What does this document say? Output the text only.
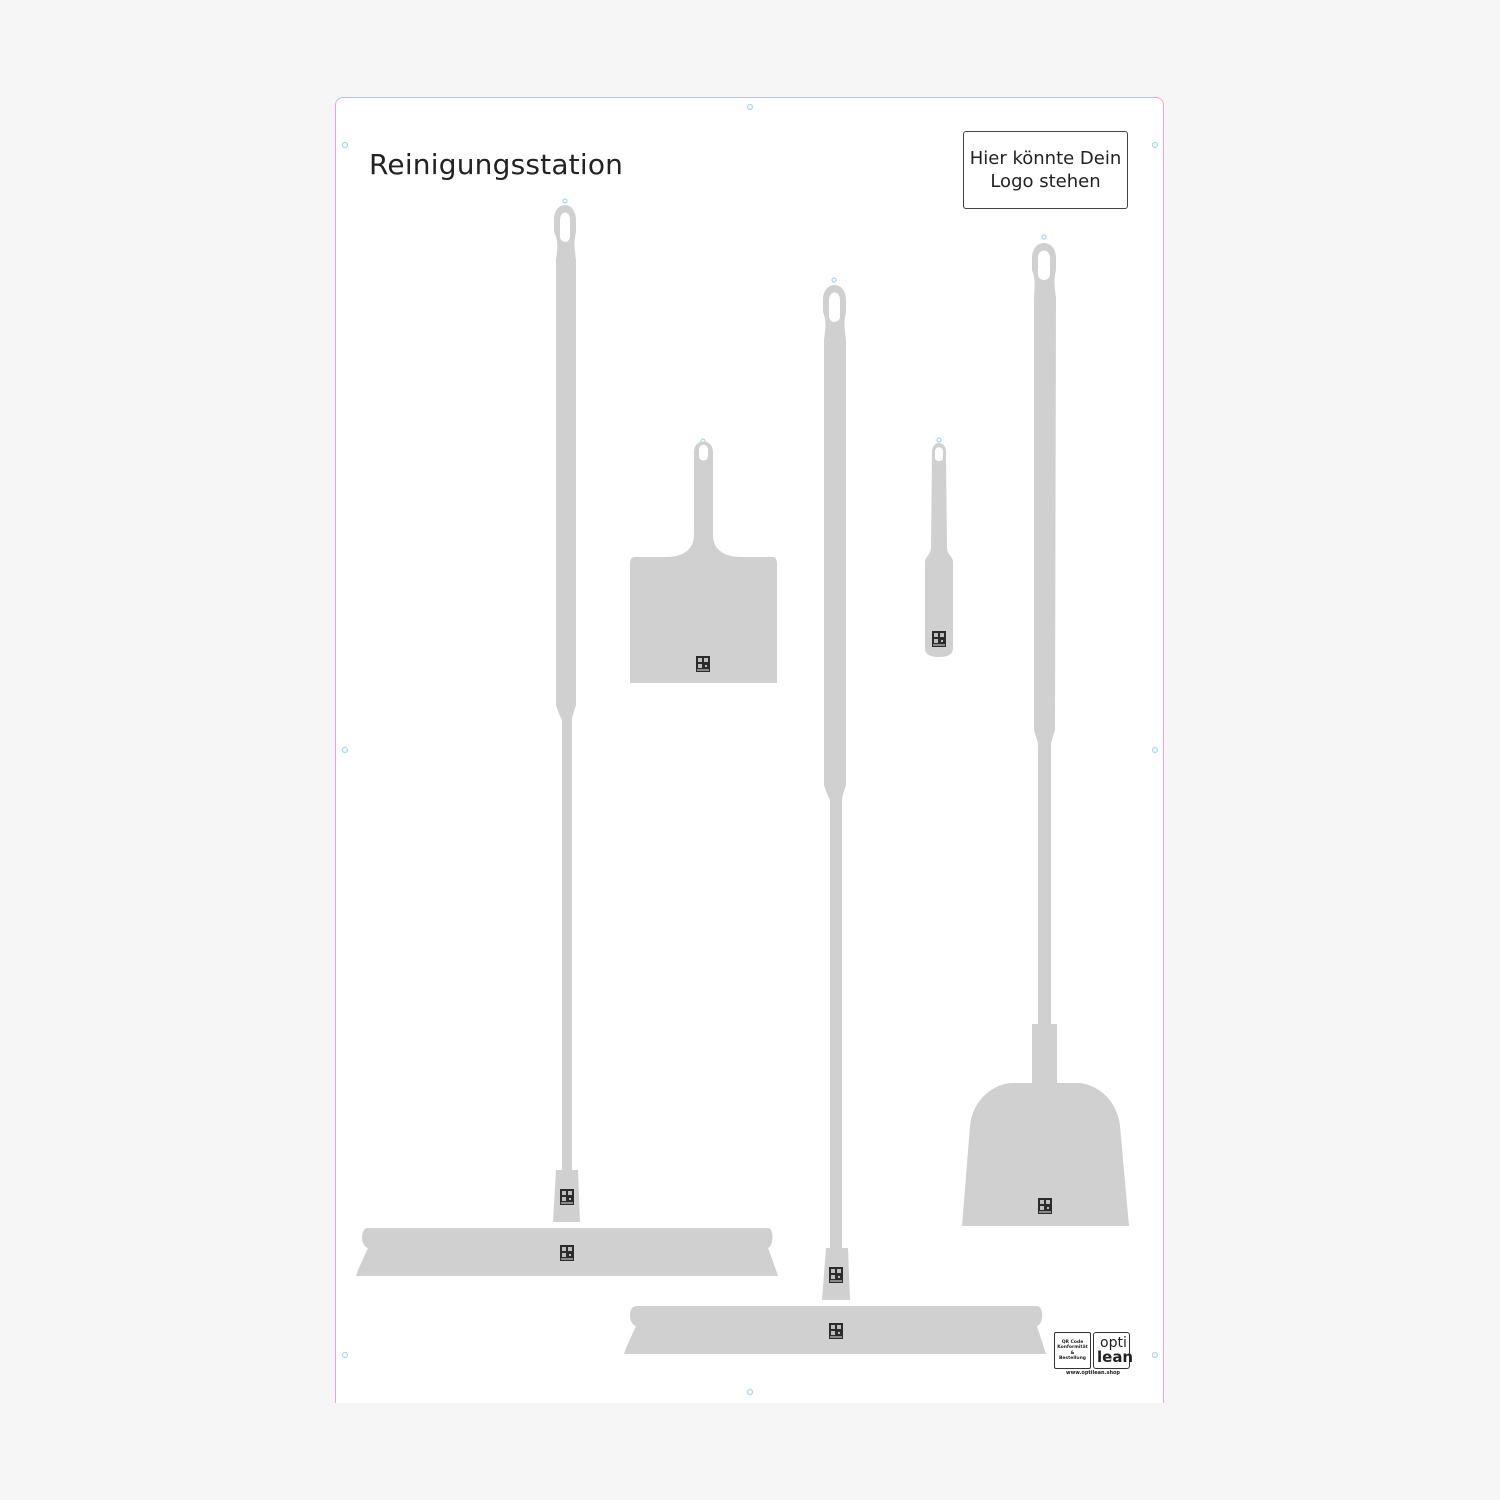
Reinigungsstation	Hier könnte Dein
Logo stehen
QR Code
Konformität &
Bestellung
opti
lean
www.optilean.shop
